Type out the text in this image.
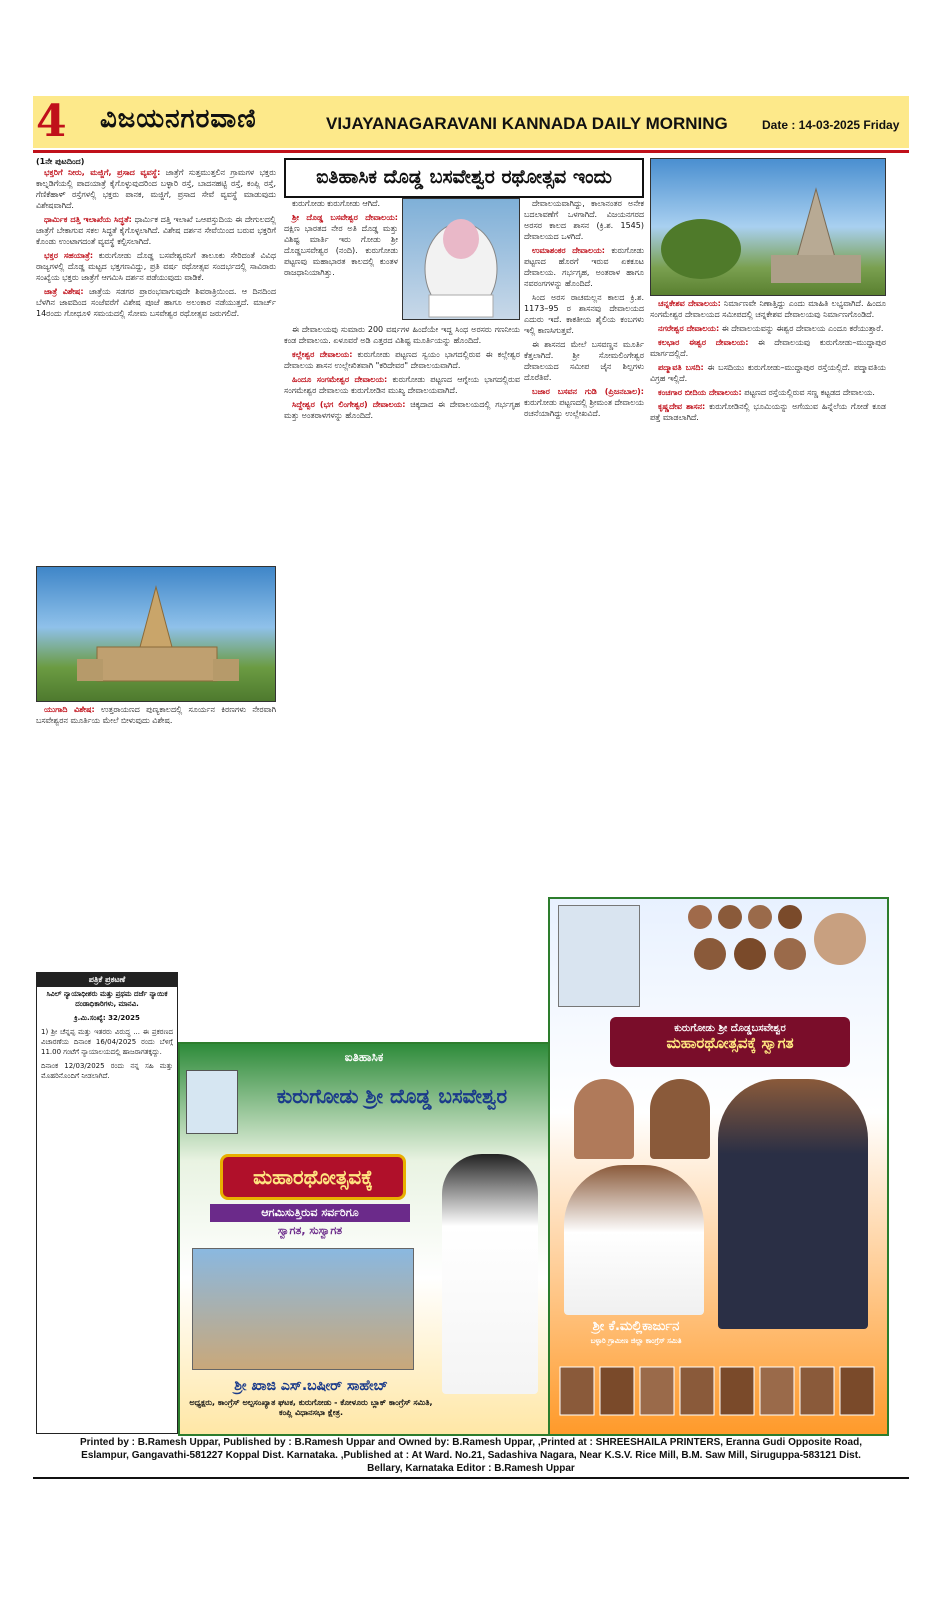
4 ವಿಜಯನಗರವಾಣಿ	VIJAYANAGARAVANI KANNADA DAILY MORNING	Date : 14-03-2025 Friday
ಐತಿಹಾಸಿಕ ದೊಡ್ಡ ಬಸವೇಶ್ವರ ರಥೋತ್ಸವ ಇಂದು
(1ನೇ ಪುಟದಿಂದ)

ಭಕ್ತರಿಗೆ ನೀರು, ಮಜ್ಜಿಗೆ, ಪ್ರಸಾದ ವ್ಯವಸ್ಥೆ: ಜಾತ್ರೆಗೆ ಸುತ್ತಮುತ್ತಲಿನ ಗ್ರಾಮಗಳ ಭಕ್ತರು ಕಾಲ್ನಡಿಗೆಯಲ್ಲಿ ಪಾದಯಾತ್ರೆ ಕೈಗೊಳ್ಳುವುದರಿಂದ ಬಳ್ಳಾರಿ ರಸ್ತೆ, ಬಾದನಹಟ್ಟಿ ರಸ್ತೆ, ಕಂಪ್ಲಿ ರಸ್ತೆ, ಗೆಣಿಕೆಹಾಳ್ ರಸ್ತೆಗಳಲ್ಲಿ ಭಕ್ತರು ಪಾನಕ, ಮಜ್ಜಿಗೆ, ಪ್ರಸಾದ ಸೇವೆ ವ್ಯವಸ್ಥೆ ಮಾಡುವುದು ವಿಶೇಷವಾಗಿದೆ.

ಧಾರ್ಮಿಕ ದತ್ತಿ ಇಲಾಖೆಯ ಸಿದ್ಧತೆ: ಧಾರ್ಮಿಕ ದತ್ತಿ ಇಲಾಖೆ ಒಆಪಸ್ತುದಿಯ ಈ ದೇಗುಲದಲ್ಲಿ ಜಾತ್ರೆಗೆ ಬೇಕಾಗುವ ಸಕಲ ಸಿದ್ಧತೆ ಕೈಗೊಳ್ಳಲಾಗಿದೆ. ವಿಶೇಷ ದರ್ಶನ ಸೇವೆಯಿಂದ ಬರುವ ಭಕ್ತರಿಗೆ ಕೊಂಡು ಉಂಟಾಗದಂತೆ ವ್ಯವಸ್ಥೆ ಕಲ್ಪಿಸಲಾಗಿದೆ.

ಭಕ್ತರ ಸಹಯಾತ್ರೆ: ಕುರುಗೋಡು ದೊಡ್ಡ ಬಸವೇಶ್ವರನಿಗೆ ತಾಲೂಕು ಸೇರಿದಂತೆ ವಿವಿಧ ರಾಜ್ಯಗಳಲ್ಲಿ ದೊಡ್ಡ ಮಟ್ಟದ ಭಕ್ತಗಣವಿದ್ದು, ಪ್ರತಿ ವರ್ಷ ರಥೋತ್ಸವ ಸಂದರ್ಭದಲ್ಲಿ ಸಾವಿರಾರು ಸಂಖ್ಯೆಯ ಭಕ್ತರು ಜಾತ್ರೆಗೆ ಆಗಮಿಸಿ ದರ್ಶನ ಪಡೆಯುವುದು ವಾಡಿಕೆ.

ಜಾತ್ರೆ ವಿಶೇಷ: ಜಾತ್ರೆಯ ಸಡಗರ ಪ್ರಾರಂಭವಾಗುವುದೇ ಶಿವರಾತ್ರಿಯಿಂದ. ಆ ದಿನದಿಂದ ಬೆಳಗಿನ ಜಾವದಿಂದ ಸಂಜೆವರೆಗೆ ವಿಶೇಷ ಪೂಜೆ ಹಾಗೂ ಅಲಂಕಾರ ನಡೆಯುತ್ತದೆ. ಮಾರ್ಚ್ 14ರಂದು ಗೋಧೂಳಿ ಸಮಯದಲ್ಲಿ ಸೋಮ ಬಸವೇಶ್ವರ ರಥೋತ್ಸವ ಜರುಗಲಿದೆ.

ಯುಗಾದಿ ವಿಶೇಷ: ಉತ್ತರಾಯಣದ ಪುಣ್ಯಕಾಲದಲ್ಲಿ ಸೂರ್ಯನ ಕಿರಣಗಳು ನೇರವಾಗಿ ಬಸವೇಶ್ವರನ ಮೂರ್ತಿಯ ಮೇಲೆ ಬೀಳುವುದು ವಿಶೇಷ.

ಕುರುಗೋಡು ಕುರುಗೋಡು ಆಗಿದೆ.

ಶ್ರೀ ದೊಡ್ಡ ಬಸವೇಶ್ವರ ದೇವಾಲಯ: ದಕ್ಷಿಣ ಭಾರತದ ನೇರ ಅತಿ ದೊಡ್ಡ ಮತ್ತು ವಿಶಿಷ್ಟ ಮಾರ್ತಿ ಇರು ಗೋಡು ಶ್ರೀ ದೊಡ್ಡಬಸವೇಶ್ವರ (ನಂದಿ). ಕುರುಗೋಡು ಪಟ್ಟಣವು ಮಹಾಭಾರತ ಕಾಲದಲ್ಲಿ ಕುಂತಳ ರಾಜಧಾನಿಯಾಗಿತ್ತು.

ಈ ದೇವಾಲಯವು ಸುಮಾರು 200 ವರ್ಷಗಳ ಹಿಂದೆಯೇ ಇದ್ದ ಸಿಂಧ ಅರಸರು ಗಣನೀಯ ಕಂಡ ದೇವಾಲಯ. ಏಳೂವರೆ ಅಡಿ ಎತ್ತರದ ವಿಶಿಷ್ಟ ಮೂರ್ತಿಯನ್ನು ಹೊಂದಿದೆ.

ಕಲ್ಲೇಶ್ವರ ದೇವಾಲಯ: ಕುರುಗೋಡು ಪಟ್ಟಣದ ಸ್ವಯಂ ಭಾಗದಲ್ಲಿರುವ ಈ ಕಲ್ಲೇಶ್ವರ ದೇವಾಲಯ ಶಾಸನ ಉಲ್ಲೇಖಿತವಾಗಿ "ಕರಿದೇವರ" ದೇವಾಲಯವಾಗಿದೆ.

ಹಿಂದೂ ಸಂಗಮೇಶ್ವರ ದೇವಾಲಯ: ಕುರುಗೋಡು ಪಟ್ಟಣದ ಆಗ್ನೇಯ ಭಾಗದಲ್ಲಿರುವ ಸಂಗಮೇಶ್ವರ ದೇವಾಲಯ ಕುರುಗೋಡಿನ ಮುಖ್ಯ ದೇವಾಲಯವಾಗಿದೆ.

ಸಿದ್ದೇಶ್ವರ (ಭಗ ಲಿಂಗೇಶ್ವರ) ದೇವಾಲಯ: ಚಿಕ್ಕದಾದ ಈ ದೇವಾಲಯದಲ್ಲಿ ಗರ್ಭಗೃಹ ಮತ್ತು ಅಂತರಾಳಗಳನ್ನು ಹೊಂದಿದೆ.

ದೇವಾಲಯವಾಗಿದ್ದು, ಕಾಲಾನಂತರ ಅನೇಕ ಬದಲಾವಣೆಗೆ ಒಳಗಾಗಿದೆ. ವಿಜಯನಗರದ ಅರಸರ ಕಾಲದ ಶಾಸನ (ಕ್ರಿ.ಶ. 1545) ದೇವಾಲಯದ ಒಳಗಿದೆ.

ಉಮಾಶಂಕರ ದೇವಾಲಯ: ಕುರುಗೋಡು ಪಟ್ಟಣದ ಹೊರಗೆ ಇರುವ ಏಕಕೂಟ ದೇವಾಲಯ. ಗರ್ಭಗೃಹ, ಅಂತರಾಳ ಹಾಗೂ ನವರಂಗಗಳನ್ನು ಹೊಂದಿದೆ.

ಸಿಂದ ಅರಸ ರಾಚಮಲ್ಲನ ಕಾಲದ ಕ್ರಿ.ಶ. 1173–95 ರ ಶಾಸನವು ದೇವಾಲಯದ ಎದುರು ಇದೆ. ಕಾಕತೀಯ ಶೈಲಿಯ ಕಂಬಗಳು ಇಲ್ಲಿ ಕಾಣಸಿಗುತ್ತವೆ.

ಈ ಶಾಸನದ ಮೇಲೆ ಬಸವಣ್ಣನ ಮೂರ್ತಿ ಕೆತ್ತಲಾಗಿದೆ. ಶ್ರೀ ಸೋಮಲಿಂಗೇಶ್ವರ ದೇವಾಲಯದ ಸಮೀಪ ಜೈನ ಶಿಲ್ಪಗಳು ದೊರೆತಿವೆ.

ಬಜಾರ ಬಸವನ ಗುಡಿ (ಪ್ರಿಜನಬಾಲ): ಕುರುಗೋಡು ಪಟ್ಟಣದಲ್ಲಿ ಶ್ರೀಮಂತ ದೇವಾಲಯ ರಚನೆಯಾಗಿದ್ದು ಉಲ್ಲೇಖವಿದೆ.

ಚನ್ನಕೇಶವ ದೇವಾಲಯ: ನಿರ್ಮಾಣವೇ ನಿಣಾತ್ತಿದ್ದು ಎಂದು ಮಾಹಿತಿ ಲಭ್ಯವಾಗಿದೆ. ಹಿಂದೂ ಸಂಗಮೇಶ್ವರ ದೇವಾಲಯದ ಸಮೀಪದಲ್ಲಿ ಚನ್ನಕೇಶವ ದೇವಾಲಯವು ನಿರ್ಮಾಣಗೊಂಡಿದೆ.

ನಗರೇಶ್ವರ ದೇವಾಲಯ: ಈ ದೇವಾಲಯವನ್ನು ಈಶ್ವರ ದೇವಾಲಯ ಎಂದೂ ಕರೆಯುತ್ತಾರೆ.

ಕಲಭಾರ ಈಶ್ವರ ದೇವಾಲಯ: ಈ ದೇವಾಲಯವು ಕುರುಗೋಡು–ಮುದ್ದಾಪುರ ಮಾರ್ಗದಲ್ಲಿದೆ.

ಪದ್ಮಾವತಿ ಬಸದಿ: ಈ ಬಸದಿಯು ಕುರುಗೋಡು–ಮುದ್ದಾಪುರ ರಸ್ತೆಯಲ್ಲಿದೆ. ಪದ್ಮಾವತಿಯ ವಿಗ್ರಹ ಇಲ್ಲಿದೆ.

ಕಂಚಗಾರ ಬೀದಿಯ ದೇವಾಲಯ: ಪಟ್ಟಣದ ರಸ್ತೆಯಲ್ಲಿರುವ ಸಣ್ಣ ಕಟ್ಟಡದ ದೇವಾಲಯ.

ಕೃಷ್ಣದೇವ ಶಾಸನ: ಕುರುಗೋಡಿನಲ್ಲಿ ಭೂಮಿಯನ್ನು ಅಗೆಯುವ ಹಿನ್ನೆಲೆಯ ಗೋಡೆ ಕೂಡ ಪತ್ತೆ ಮಾಡಲಾಗಿದೆ.

ಪತ್ರಿಕೆ ಪ್ರಕಟಣೆ
ಸಿವಿಲ್ ನ್ಯಾಯಾಧೀಶರು ಮತ್ತು ಪ್ರಥಮ ದರ್ಜೆ ನ್ಯಾಯಿಕ ದಂಡಾಧಿಕಾರಿಗಳು, ಮಾನವಿ.
ಕ್ರಿ.ಮಿ.ಸಂಖ್ಯೆ: 32/2025
1) ಶ್ರೀ ಚೆನ್ನಪ್ಪ ಮತ್ತು ಇತರರು ವಿರುದ್ಧ ... ಈ ಪ್ರಕರಣದ ವಿಚಾರಣೆಯ ದಿನಾಂಕ 16/04/2025 ರಂದು ಬೆಳಿಗ್ಗೆ 11.00 ಗಂಟೆಗೆ ನ್ಯಾಯಾಲಯದಲ್ಲಿ ಹಾಜರಾಗತಕ್ಕದ್ದು.
ದಿನಾಂಕ 12/03/2025 ರಂದು ನನ್ನ ಸಹಿ ಮತ್ತು ಮೊಹರಿನೊಂದಿಗೆ ನೀಡಲಾಗಿದೆ.
ಐತಿಹಾಸಿಕ
ಕುರುಗೋಡು ಶ್ರೀ ದೊಡ್ಡ ಬಸವೇಶ್ವರ
ಮಹಾರಥೋತ್ಸವಕ್ಕೆ
ಆಗಮಿಸುತ್ತಿರುವ ಸರ್ವರಿಗೂ
ಸ್ವಾಗತ, ಸುಸ್ವಾಗತ
ಶ್ರೀ ಖಾಜಿ ಎಸ್.ಬಷೀರ್ ಸಾಹೇಬ್
ಅಧ್ಯಕ್ಷರು, ಕಾಂಗ್ರೆಸ್ ಅಲ್ಪಸಂಖ್ಯಾತ ಘಟಕ, ಕುರುಗೋಡು - ಕೋಳೂರು ಬ್ಲಾಕ್ ಕಾಂಗ್ರೆಸ್ ಸಮಿತಿ, ಕಂಪ್ಲಿ ವಿಧಾನಸಭಾ ಕ್ಷೇತ್ರ.
ಕುರುಗೋಡು ಶ್ರೀ ದೊಡ್ಡಬಸವೇಶ್ವರ
ಮಹಾರಥೋತ್ಸವಕ್ಕೆ ಸ್ವಾಗತ
ಶ್ರೀ ಕೆ.ಮಲ್ಲಿಕಾರ್ಜುನ
ಬಳ್ಳಾರಿ ಗ್ರಾಮೀಣ ಜಿಲ್ಲಾ ಕಾಂಗ್ರೆಸ್ ಸಮಿತಿ
Printed by : B.Ramesh Uppar, Published by : B.Ramesh Uppar and Owned by: B.Ramesh Uppar, ,Printed at : SHREESHAILA PRINTERS, Eranna Gudi Opposite Road,
Eslampur, Gangavathi-581227 Koppal Dist. Karnataka. ,Published at : At Ward. No.21, Sadashiva Nagara, Near K.S.V. Rice Mill, B.M. Saw Mill, Siruguppa-583121 Dist.
Bellary, Karnataka Editor : B.Ramesh Uppar
